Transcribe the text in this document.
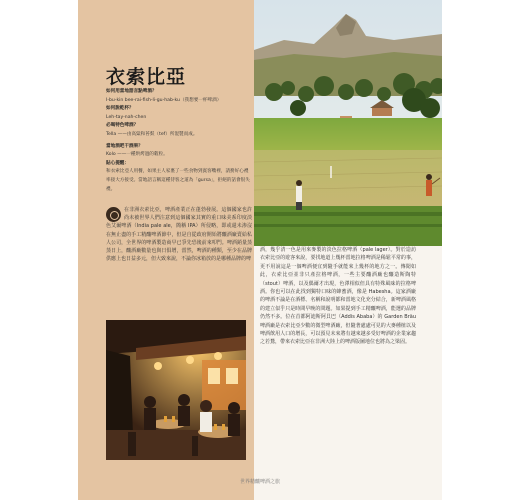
衣索比亞
如何用當地語言點啤酒？
I-bu-kin bee-rai-fish-li-gu-hab-ku（我想要一杯啤酒）
如何說乾杯？
Leh-tay-nah-chen
必喝特色啤酒？
Tella ——由高粱和苔麩（tef）所混製而成。
當地酒吧干酒果？
Kolo ——一種烘烤過的穀粒。
貼心提醒：
和衣索比亞人用餐，如果主人家裏了一些食物到賓客嘴裡，請務好心禮率接大方接受。當地語言稱這種待客之道為「gursa」，拒絕的話會很失禮。
在非洲衣索比亞，啤酒產業正在蓬勃發展。這個國家也許尚未被世界人們注意到這個國家其實的重口味美系印度淡色艾爾啤酒（India pale ale，簡稱 IPA）所侵略，即或還未渗沒在無止盡的手工精釀啤酒節中，但是自從政府開始將釀酒廠賣給私人公司，全世界的啤酒製造商早已爭先恐後前來叩門。啤酒銷量蒸蒸日上，釀酒廠數量也與日俱增，當然，啤酒的種類，至少在品牌供應上也日益多元，但大致來說，不論你冰箱放的是哪種品牌的啤
酒，幾乎清一色是用來麥製的淡色拉格啤酒（pale lager）。對於造訪衣索比亞的遊客來說，要找地道上幾杯當地拉格啤酒是稀鬆平常的事，更不用說這是一個啤酒便宜到隨手就能來上幾杯的地方之一。傳聞如此，衣索比亞並非只產拉格啤酒，一些主要釀酒廠也釀造斯陶特（stout）啤酒，以及偶爾才出現，色澤相似但具有特殊風味的拉格啤酒。你也可以在此找到獨特口味的蜂蜜酒，像是 Habesha。這家酒廠的啤酒不論是在酒標、名稱和說明都和當地文化充分結合，新啤酒風格的建立似乎只是時間早晚的問題。如果提到手工精釀啤酒，能選的品牌仍然不多。位在首都阿迪斯阿貝巴（Addis Ababa）的 Garden Bräu 啤酒廠是衣索比亞少數的微型啤酒廠，但隨著處處可見的大麥種植以及啤酒飲用人口的增長，可以預見未來將有越來越多受好啤酒的企業家趨之若鶩，帶來衣索比亞在非洲大陸上的啤酒版圖地位也將為之梁固。
世界精釀啤酒之旅
